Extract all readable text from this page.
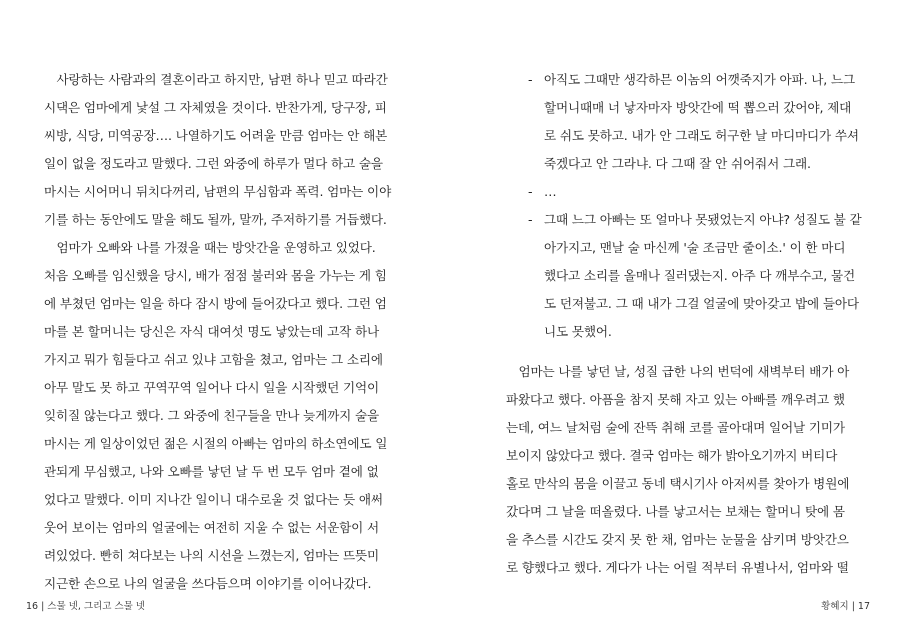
　사랑하는 사람과의 결혼이라고 하지만, 남편 하나 믿고 따라간
시댁은 엄마에게 낯설 그 자체였을 것이다. 반찬가게, 당구장, 피
씨방, 식당, 미역공장…. 나열하기도 어려울 만큼 엄마는 안 해본
일이 없을 정도라고 말했다. 그런 와중에 하루가 멀다 하고 술을
마시는 시어머니 뒤치다꺼리, 남편의 무심함과 폭력. 엄마는 이야
기를 하는 동안에도 말을 해도 될까, 말까, 주저하기를 거듭했다.
　엄마가 오빠와 나를 가졌을 때는 방앗간을 운영하고 있었다.
처음 오빠를 임신했을 당시, 배가 점점 불러와 몸을 가누는 게 힘
에 부쳤던 엄마는 일을 하다 잠시 방에 들어갔다고 했다. 그런 엄
마를 본 할머니는 당신은 자식 대여섯 명도 낳았는데 고작 하나
가지고 뭐가 힘들다고 쉬고 있냐 고함을 쳤고, 엄마는 그 소리에
아무 말도 못 하고 꾸역꾸역 일어나 다시 일을 시작했던 기억이
잊히질 않는다고 했다. 그 와중에 친구들을 만나 늦게까지 술을
마시는 게 일상이었던 젊은 시절의 아빠는 엄마의 하소연에도 일
관되게 무심했고, 나와 오빠를 낳던 날 두 번 모두 엄마 곁에 없
었다고 말했다. 이미 지나간 일이니 대수로울 것 없다는 듯 애써
웃어 보이는 엄마의 얼굴에는 여전히 지울 수 없는 서운함이 서
려있었다. 빤히 쳐다보는 나의 시선을 느꼈는지, 엄마는 뜨뜻미
지근한 손으로 나의 얼굴을 쓰다듬으며 이야기를 이어나갔다.
16 | 스물 넷, 그리고 스물 넷
- 아직도 그때만 생각하믄 이놈의 어깻죽지가 아파. 나, 느그
할머니때매 너 낳자마자 방앗간에 떡 뽑으러 갔어야, 제대
로 쉬도 못하고. 내가 안 그래도 허구한 날 마디마디가 쑤셔
죽겠다고 안 그라냐. 다 그때 잘 안 쉬어줘서 그래.
- …
- 그때 느그 아빠는 또 얼마나 못됐었는지 아냐? 성질도 불 같
아가지고, 맨날 술 마신께 '술 조금만 줄이소.' 이 한 마디
했다고 소리를 올매나 질러댔는지. 아주 다 깨부수고, 물건
도 던져불고. 그 때 내가 그걸 얼굴에 맞아갖고 밥에 들아다
니도 못했어.
　엄마는 나를 낳던 날, 성질 급한 나의 번덕에 새벽부터 배가 아
파왔다고 했다. 아픔을 참지 못해 자고 있는 아빠를 깨우려고 했
는데, 여느 날처럼 술에 잔뜩 취해 코를 골아대며 일어날 기미가
보이지 않았다고 했다. 결국 엄마는 해가 밝아오기까지 버티다
홀로 만삭의 몸을 이끌고 동네 택시기사 아저씨를 찾아가 병원에
갔다며 그 날을 떠올렸다. 나를 낳고서는 보채는 할머니 탓에 몸
을 추스를 시간도 갖지 못 한 채, 엄마는 눈물을 삼키며 방앗간으
로 향했다고 했다. 게다가 나는 어릴 적부터 유별나서, 엄마와 떨
황혜지 | 17
